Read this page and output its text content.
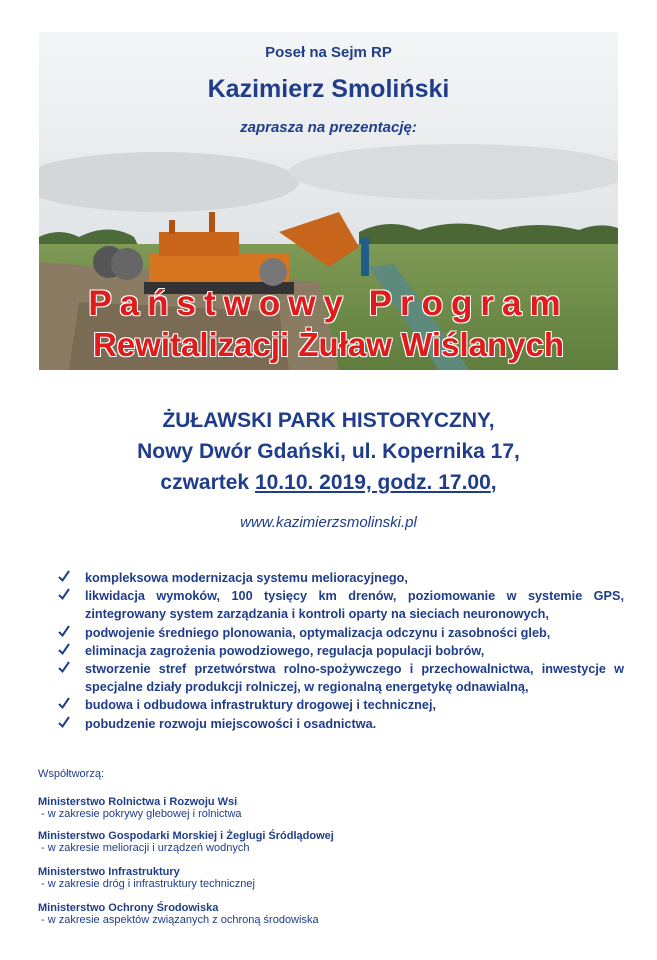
Poseł na Sejm RP
Kazimierz Smoliński
zaprasza na prezentację:
Państwowy Program
Rewitalizacji Żuław Wiślanych
ŻUŁAWSKI PARK HISTORYCZNY,
Nowy Dwór Gdański, ul. Kopernika 17,
czwartek 10.10. 2019, godz. 17.00,
www.kazimierzsmolinski.pl
kompleksowa modernizacja systemu melioracyjnego,
likwidacja wymoków, 100 tysięcy km drenów, poziomowanie w systemie GPS, zintegrowany system zarządzania i kontroli oparty na sieciach neuronowych,
podwojenie średniego plonowania, optymalizacja odczynu i zasobności gleb,
eliminacja zagrożenia powodziowego, regulacja populacji bobrów,
stworzenie stref przetwórstwa rolno-spożywczego i przechowalnictwa, inwestycje w specjalne działy produkcji rolniczej, w regionalną energetykę odnawialną,
budowa i odbudowa infrastruktury drogowej i technicznej,
pobudzenie rozwoju miejscowości i osadnictwa.
Współtworzą:
Ministerstwo Rolnictwa i Rozwoju Wsi
- w zakresie pokrywy glebowej i rolnictwa
Ministerstwo Gospodarki Morskiej i Żeglugi Śródlądowej
- w zakresie melioracji i urządzeń wodnych
Ministerstwo Infrastruktury
- w zakresie dróg i infrastruktury technicznej
Ministerstwo Ochrony Środowiska
- w zakresie aspektów związanych z ochroną środowiska
